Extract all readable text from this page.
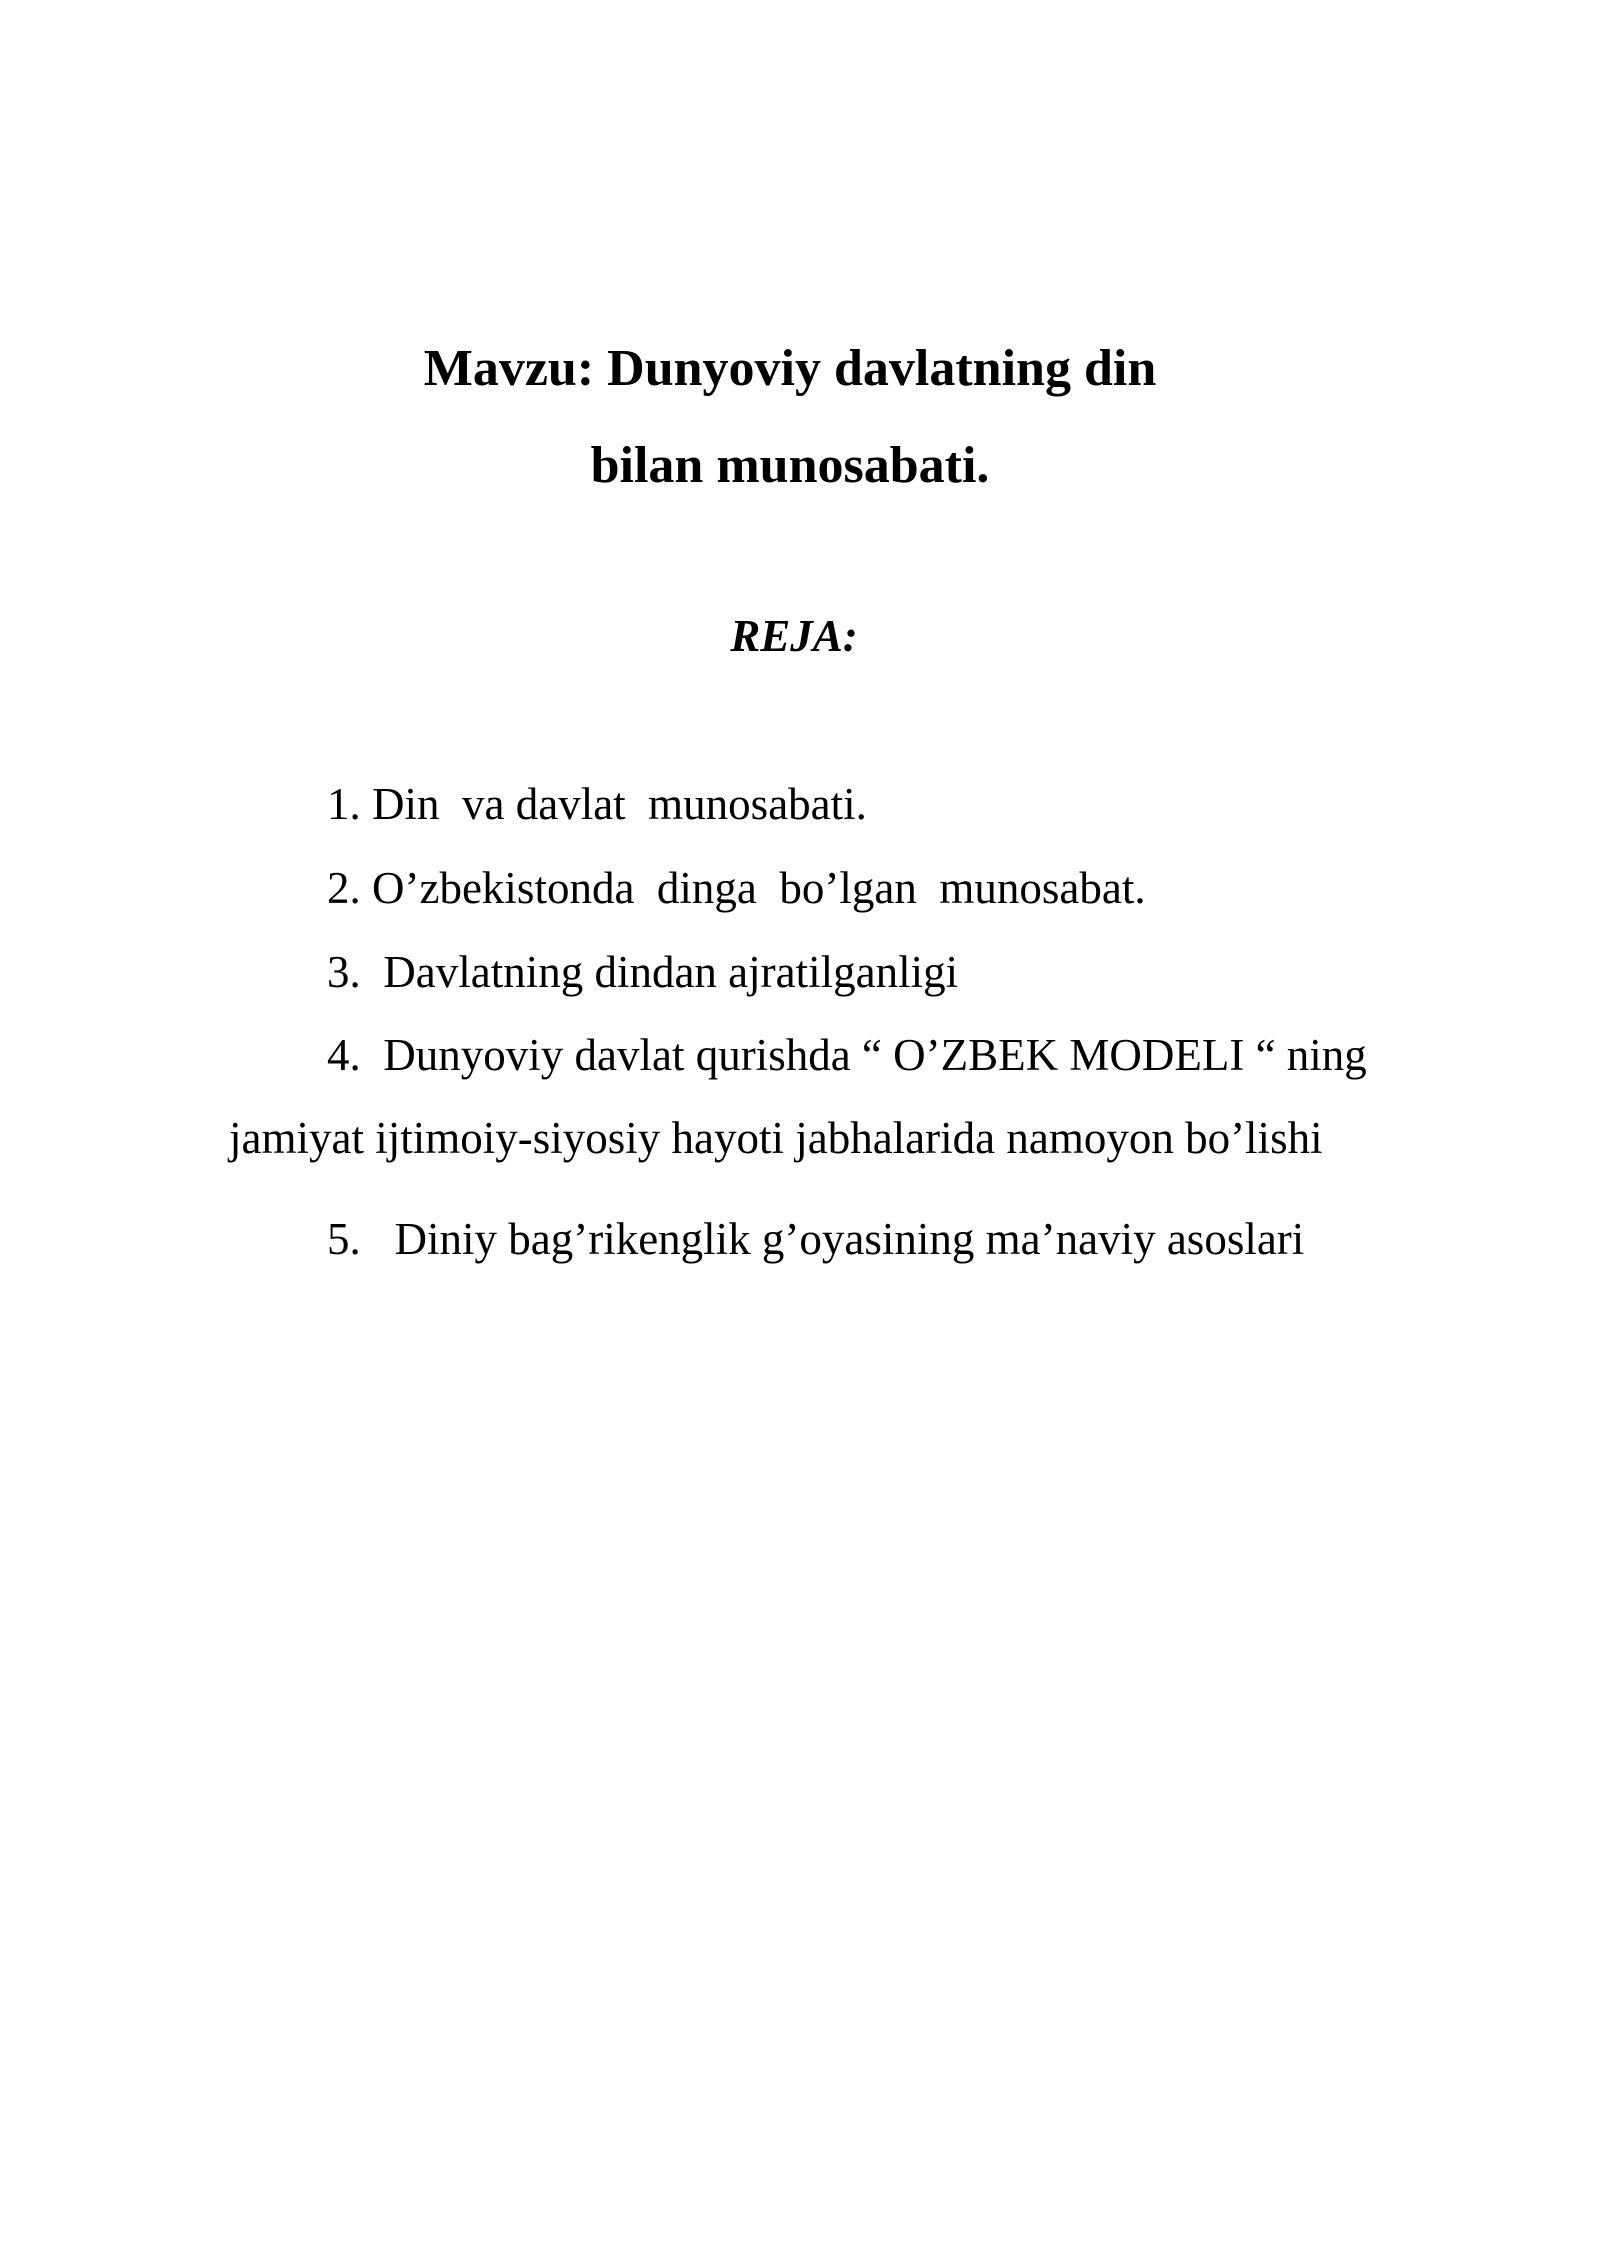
Mavzu: Dunyoviy davlatning din
bilan munosabati.
REJA:
1. Din  va davlat  munosabati.
2. O’zbekistonda  dinga  bo’lgan  munosabat.
3.  Davlatning dindan ajratilganligi
4.  Dunyoviy davlat qurishda “ O’ZBEK MODELI “ ning
jamiyat ijtimoiy-siyosiy hayoti jabhalarida namoyon bo’lishi
5.   Diniy bag’rikenglik g’oyasining ma’naviy asoslari
